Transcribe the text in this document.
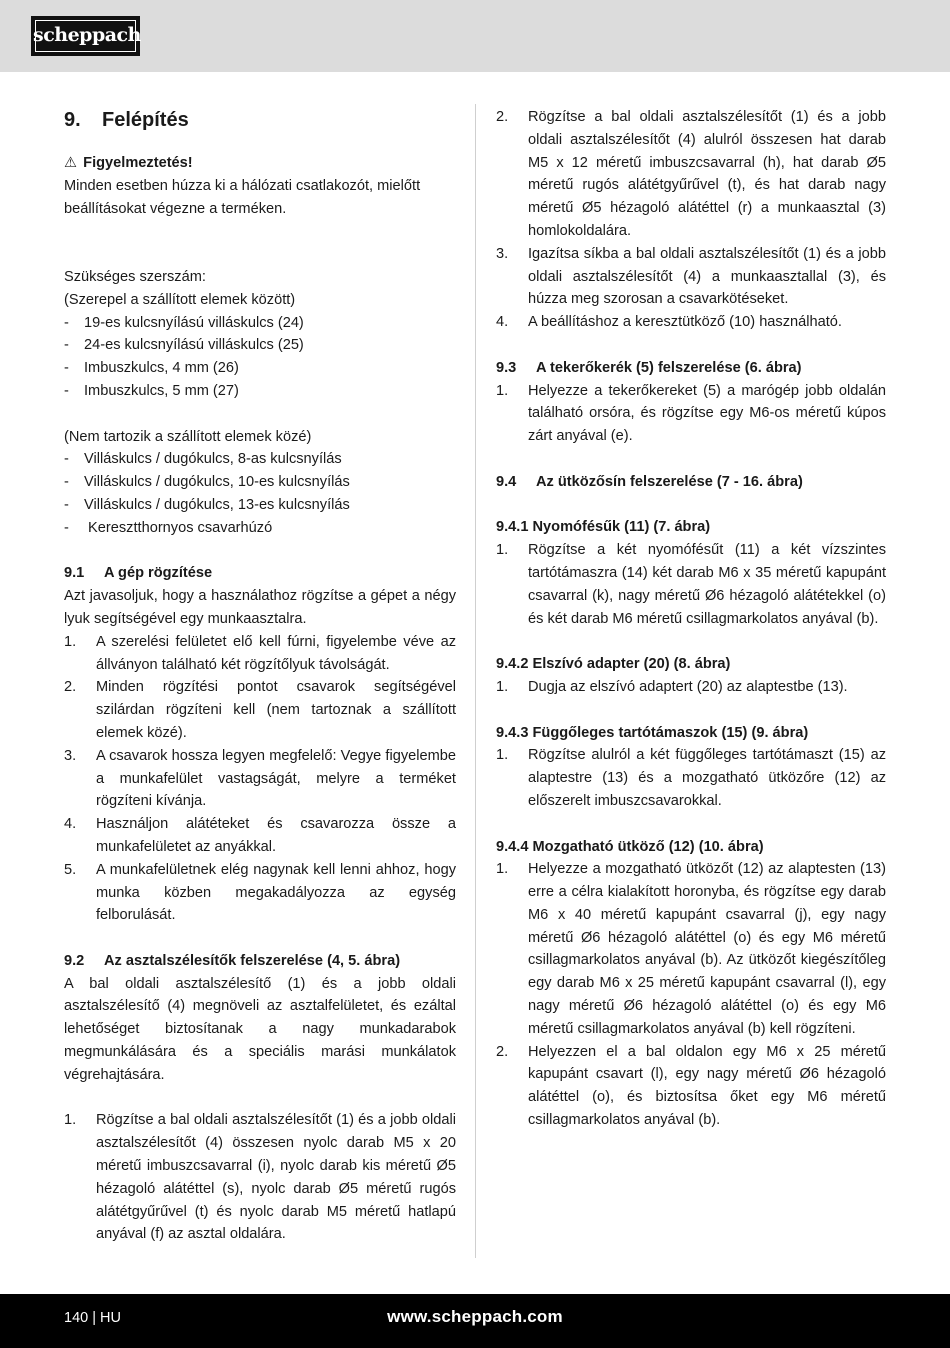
scheppach
9. Felépítés

⚠ Figyelmeztetés!

Minden esetben húzza ki a hálózati csatlakozót, mielőtt beállításokat végezne a terméken.

Szükséges szerszám:

(Szerepel a szállított elemek között)

-	19-es kulcsnyílású villáskulcs (24)
-	24-es kulcsnyílású villáskulcs (25)
-	Imbuszkulcs, 4 mm (26)
-	Imbuszkulcs, 5 mm (27)

(Nem tartozik a szállított elemek közé)

-	Villáskulcs / dugókulcs, 8-as kulcsnyílás
-	Villáskulcs / dugókulcs, 10-es kulcsnyílás
-	Villáskulcs / dugókulcs, 13-es kulcsnyílás
-	Keresztthornyos csavarhúzó

9.1 A gép rögzítése

Azt javasoljuk, hogy a használathoz rögzítse a gépet a négy lyuk segítségével egy munkaasztalra.

1.	A szerelési felületet elő kell fúrni, figyelembe véve az állványon található két rögzítőlyuk távolságát.
2.	Minden rögzítési pontot csavarok segítségével szilárdan rögzíteni kell (nem tartoznak a szállított elemek közé).
3.	A csavarok hossza legyen megfelelő: Vegye figyelembe a munkafelület vastagságát, melyre a terméket rögzíteni kívánja.
4.	Használjon alátéteket és csavarozza össze a munkafelületet az anyákkal.
5.	A munkafelületnek elég nagynak kell lenni ahhoz, hogy munka közben megakadályozza az egység felborulását.

9.2 Az asztalszélesítők felszerelése (4, 5. ábra)

A bal oldali asztalszélesítő (1) és a jobb oldali asztalszélesítő (4) megnöveli az asztalfelületet, és ezáltal lehetőséget biztosítanak a nagy munkadarabok megmunkálására és a speciális marási munkálatok végrehajtására.

1.	Rögzítse a bal oldali asztalszélesítőt (1) és a jobb oldali asztalszélesítőt (4) összesen nyolc darab M5 x 20 méretű imbuszcsavarral (i), nyolc darab kis méretű Ø5 hézagoló alátéttel (s), nyolc darab Ø5 méretű rugós alátétgyűrűvel (t) és nyolc darab M5 méretű hatlapú anyával (f) az asztal oldalára.
2.	Rögzítse a bal oldali asztalszélesítőt (1) és a jobb oldali asztalszélesítőt (4) alulról összesen hat darab M5 x 12 méretű imbuszcsavarral (h), hat darab Ø5 méretű rugós alátétgyűrűvel (t), és hat darab nagy méretű Ø5 hézagoló alátéttel (r) a munkaasztal (3) homlokoldalára.
3.	Igazítsa síkba a bal oldali asztalszélesítőt (1) és a jobb oldali asztalszélesítőt (4) a munkaasztallal (3), és húzza meg szorosan a csavarkötéseket.
4.	A beállításhoz a keresztütköző (10) használható.

9.3 A tekerőkerék (5) felszerelése (6. ábra)

1.	Helyezze a tekerőkereket (5) a marógép jobb oldalán található orsóra, és rögzítse egy M6-os méretű kúpos zárt anyával (e).

9.4 Az ütközősín felszerelése (7 - 16. ábra)

9.4.1 Nyomófésűk (11) (7. ábra)

1.	Rögzítse a két nyomófésűt (11) a két vízszintes tartótámaszra (14) két darab M6 x 35 méretű kapupánt csavarral (k), nagy méretű Ø6 hézagoló alátétekkel (o) és két darab M6 méretű csillagmarkolatos anyával (b).

9.4.2 Elszívó adapter (20) (8. ábra)

1.	Dugja az elszívó adaptert (20) az alaptestbe (13).

9.4.3 Függőleges tartótámaszok (15) (9. ábra)

1.	Rögzítse alulról a két függőleges tartótámaszt (15) az alaptestre (13) és a mozgatható ütközőre (12) az előszerelt imbuszcsavarokkal.

9.4.4 Mozgatható ütköző (12) (10. ábra)

1.	Helyezze a mozgatható ütközőt (12) az alaptesten (13) erre a célra kialakított horonyba, és rögzítse egy darab M6 x 40 méretű kapupánt csavarral (j), egy nagy méretű Ø6 hézagoló alátéttel (o) és egy M6 méretű csillagmarkolatos anyával (b). Az ütközőt kiegészítőleg egy darab M6 x 25 méretű kapupánt csavarral (l), egy nagy méretű Ø6 hézagoló alátéttel (o) és egy M6 méretű csillagmarkolatos anyával (b) kell rögzíteni.
2.	Helyezzen el a bal oldalon egy M6 x 25 méretű kapupánt csavart (l), egy nagy méretű Ø6 hézagoló alátéttel (o), és biztosítsa őket egy M6 méretű csillagmarkolatos anyával (b).
140 | HU	www.scheppach.com
